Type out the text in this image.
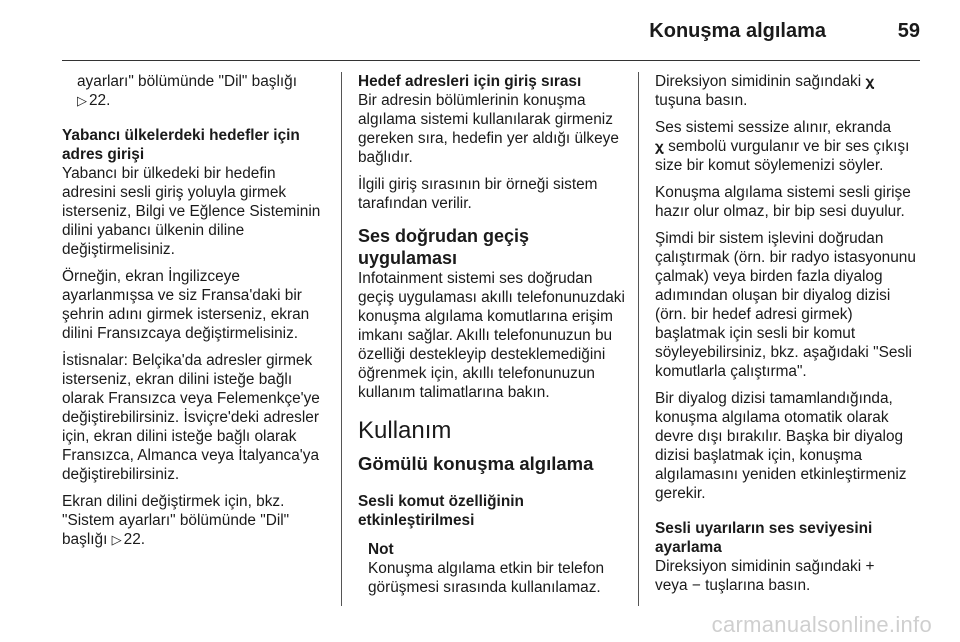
Konuşma algılama	59

ayarları" bölümünde "Dil" başlığı
▷ 22.

Yabancı ülkelerdeki hedefler için adres girişi

Yabancı bir ülkedeki bir hedefin adresini sesli giriş yoluyla girmek isterseniz, Bilgi ve Eğlence Sisteminin dilini yabancı ülkenin diline değiştirmelisiniz.

Örneğin, ekran İngilizceye ayarlanmışsa ve siz Fransa'daki bir şehrin adını girmek isterseniz, ekran dilini Fransızcaya değiştirmelisiniz.

İstisnalar: Belçika'da adresler girmek isterseniz, ekran dilini isteğe bağlı olarak Fransızca veya Felemenkçe'ye değiştirebilirsiniz. İsviçre'deki adresler için, ekran dilini isteğe bağlı olarak Fransızca, Almanca veya İtalyanca'ya değiştirebilirsiniz.

Ekran dilini değiştirmek için, bkz. "Sistem ayarları" bölümünde "Dil" başlığı ▷ 22.

Hedef adresleri için giriş sırası

Bir adresin bölümlerinin konuşma algılama sistemi kullanılarak girmeniz gereken sıra, hedefin yer aldığı ülkeye bağlıdır.

İlgili giriş sırasının bir örneği sistem tarafından verilir.

Ses doğrudan geçiş uygulaması

Infotainment sistemi ses doğrudan geçiş uygulaması akıllı telefonunuzdaki konuşma algılama komutlarına erişim imkanı sağlar. Akıllı telefonunuzun bu özelliği destekleyip desteklemediğini öğrenmek için, akıllı telefonunuzun kullanım talimatlarına bakın.

Kullanım
Gömülü konuşma algılama
Sesli komut özelliğinin etkinleştirilmesi
Not
Konuşma algılama etkin bir telefon görüşmesi sırasında kullanılamaz.

Direksiyon simidinin sağındaki 𝛘
tuşuna basın.

Ses sistemi sessize alınır, ekranda
𝛘 sembolü vurgulanır ve bir ses çıkışı size bir komut söylemenizi söyler.

Konuşma algılama sistemi sesli girişe hazır olur olmaz, bir bip sesi duyulur.

Şimdi bir sistem işlevini doğrudan çalıştırmak (örn. bir radyo istasyonunu çalmak) veya birden fazla diyalog adımından oluşan bir diyalog dizisi (örn. bir hedef adresi girmek) başlatmak için sesli bir komut söyleyebilirsiniz, bkz. aşağıdaki "Sesli komutlarla çalıştırma".

Bir diyalog dizisi tamamlandığında, konuşma algılama otomatik olarak devre dışı bırakılır. Başka bir diyalog dizisi başlatmak için, konuşma algılamasını yeniden etkinleştirmeniz gerekir.

Sesli uyarıların ses seviyesini ayarlama

Direksiyon simidinin sağındaki +
veya − tuşlarına basın.

carmanualsonline.info
